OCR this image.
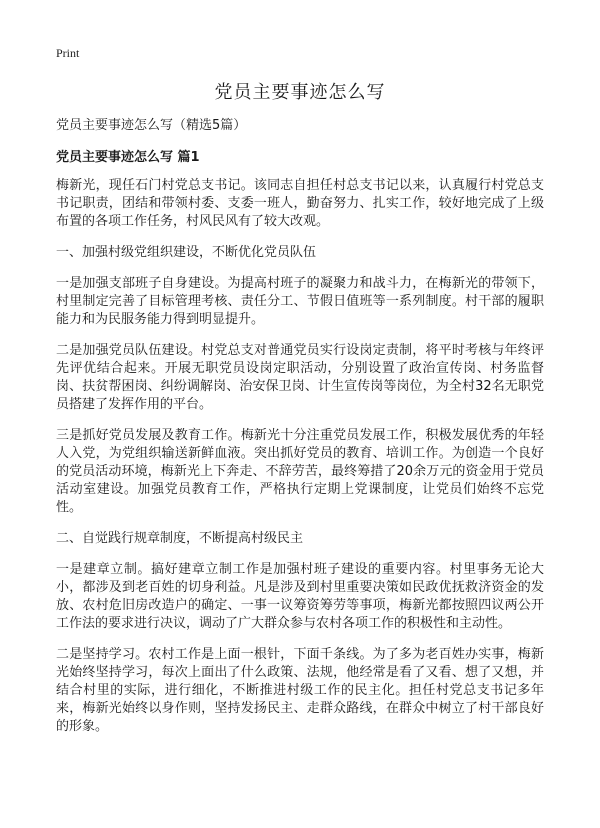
Print
党员主要事迹怎么写
党员主要事迹怎么写（精选5篇）
党员主要事迹怎么写 篇1

梅新光，现任石门村党总支书记。该同志自担任村总支书记以来，认真履行村党总支书记职责，团结和带领村委、支委一班人，勤奋努力、扎实工作，较好地完成了上级布置的各项工作任务，村风民风有了较大改观。

一、加强村级党组织建设，不断优化党员队伍

一是加强支部班子自身建设。为提高村班子的凝聚力和战斗力，在梅新光的带领下，村里制定完善了目标管理考核、责任分工、节假日值班等一系列制度。村干部的履职能力和为民服务能力得到明显提升。

二是加强党员队伍建设。村党总支对普通党员实行设岗定责制，将平时考核与年终评先评优结合起来。开展无职党员设岗定职活动，分别设置了政治宣传岗、村务监督岗、扶贫帮困岗、纠纷调解岗、治安保卫岗、计生宣传岗等岗位，为全村32名无职党员搭建了发挥作用的平台。

三是抓好党员发展及教育工作。梅新光十分注重党员发展工作，积极发展优秀的年轻人入党，为党组织输送新鲜血液。突出抓好党员的教育、培训工作。为创造一个良好的党员活动环境，梅新光上下奔走、不辞劳苦，最终筹措了20余万元的资金用于党员活动室建设。加强党员教育工作，严格执行定期上党课制度，让党员们始终不忘党性。

二、自觉践行规章制度，不断提高村级民主

一是建章立制。搞好建章立制工作是加强村班子建设的重要内容。村里事务无论大小，都涉及到老百姓的切身利益。凡是涉及到村里重要决策如民政优抚救济资金的发放、农村危旧房改造户的确定、一事一议筹资筹劳等事项，梅新光都按照四议两公开工作法的要求进行决议，调动了广大群众参与农村各项工作的积极性和主动性。

二是坚持学习。农村工作是上面一根针，下面千条线。为了多为老百姓办实事，梅新光始终坚持学习，每次上面出了什么政策、法规，他经常是看了又看、想了又想，并结合村里的实际，进行细化，不断推进村级工作的民主化。担任村党总支书记多年来，梅新光始终以身作则，坚持发扬民主、走群众路线，在群众中树立了村干部良好的形象。
